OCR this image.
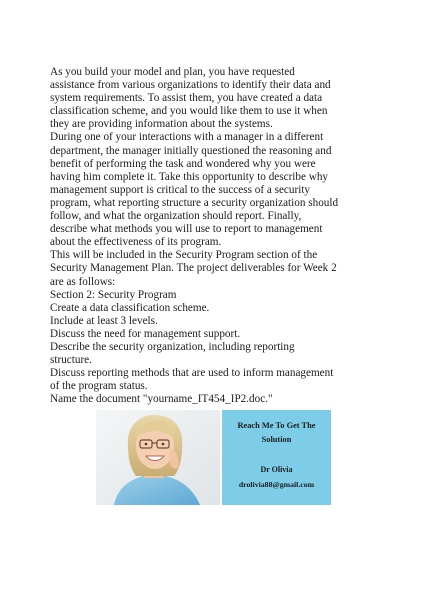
As you build your model and plan, you have requested
assistance from various organizations to identify their data and
system requirements. To assist them, you have created a data
classification scheme, and you would like them to use it when
they are providing information about the systems.

During one of your interactions with a manager in a different
department, the manager initially questioned the reasoning and
benefit of performing the task and wondered why you were
having him complete it. Take this opportunity to describe why
management support is critical to the success of a security
program, what reporting structure a security organization should
follow, and what the organization should report. Finally,
describe what methods you will use to report to management
about the effectiveness of its program.

This will be included in the Security Program section of the
Security Management Plan. The project deliverables for Week 2
are as follows:

Section 2: Security Program

Create a data classification scheme.

Include at least 3 levels.

Discuss the need for management support.

Describe the security organization, including reporting
structure.

Discuss reporting methods that are used to inform management
of the program status.

Name the document "yourname_IT454_IP2.doc."

Reach Me To Get The
Solution
Dr Olivia
drolivia88@gmail.com
